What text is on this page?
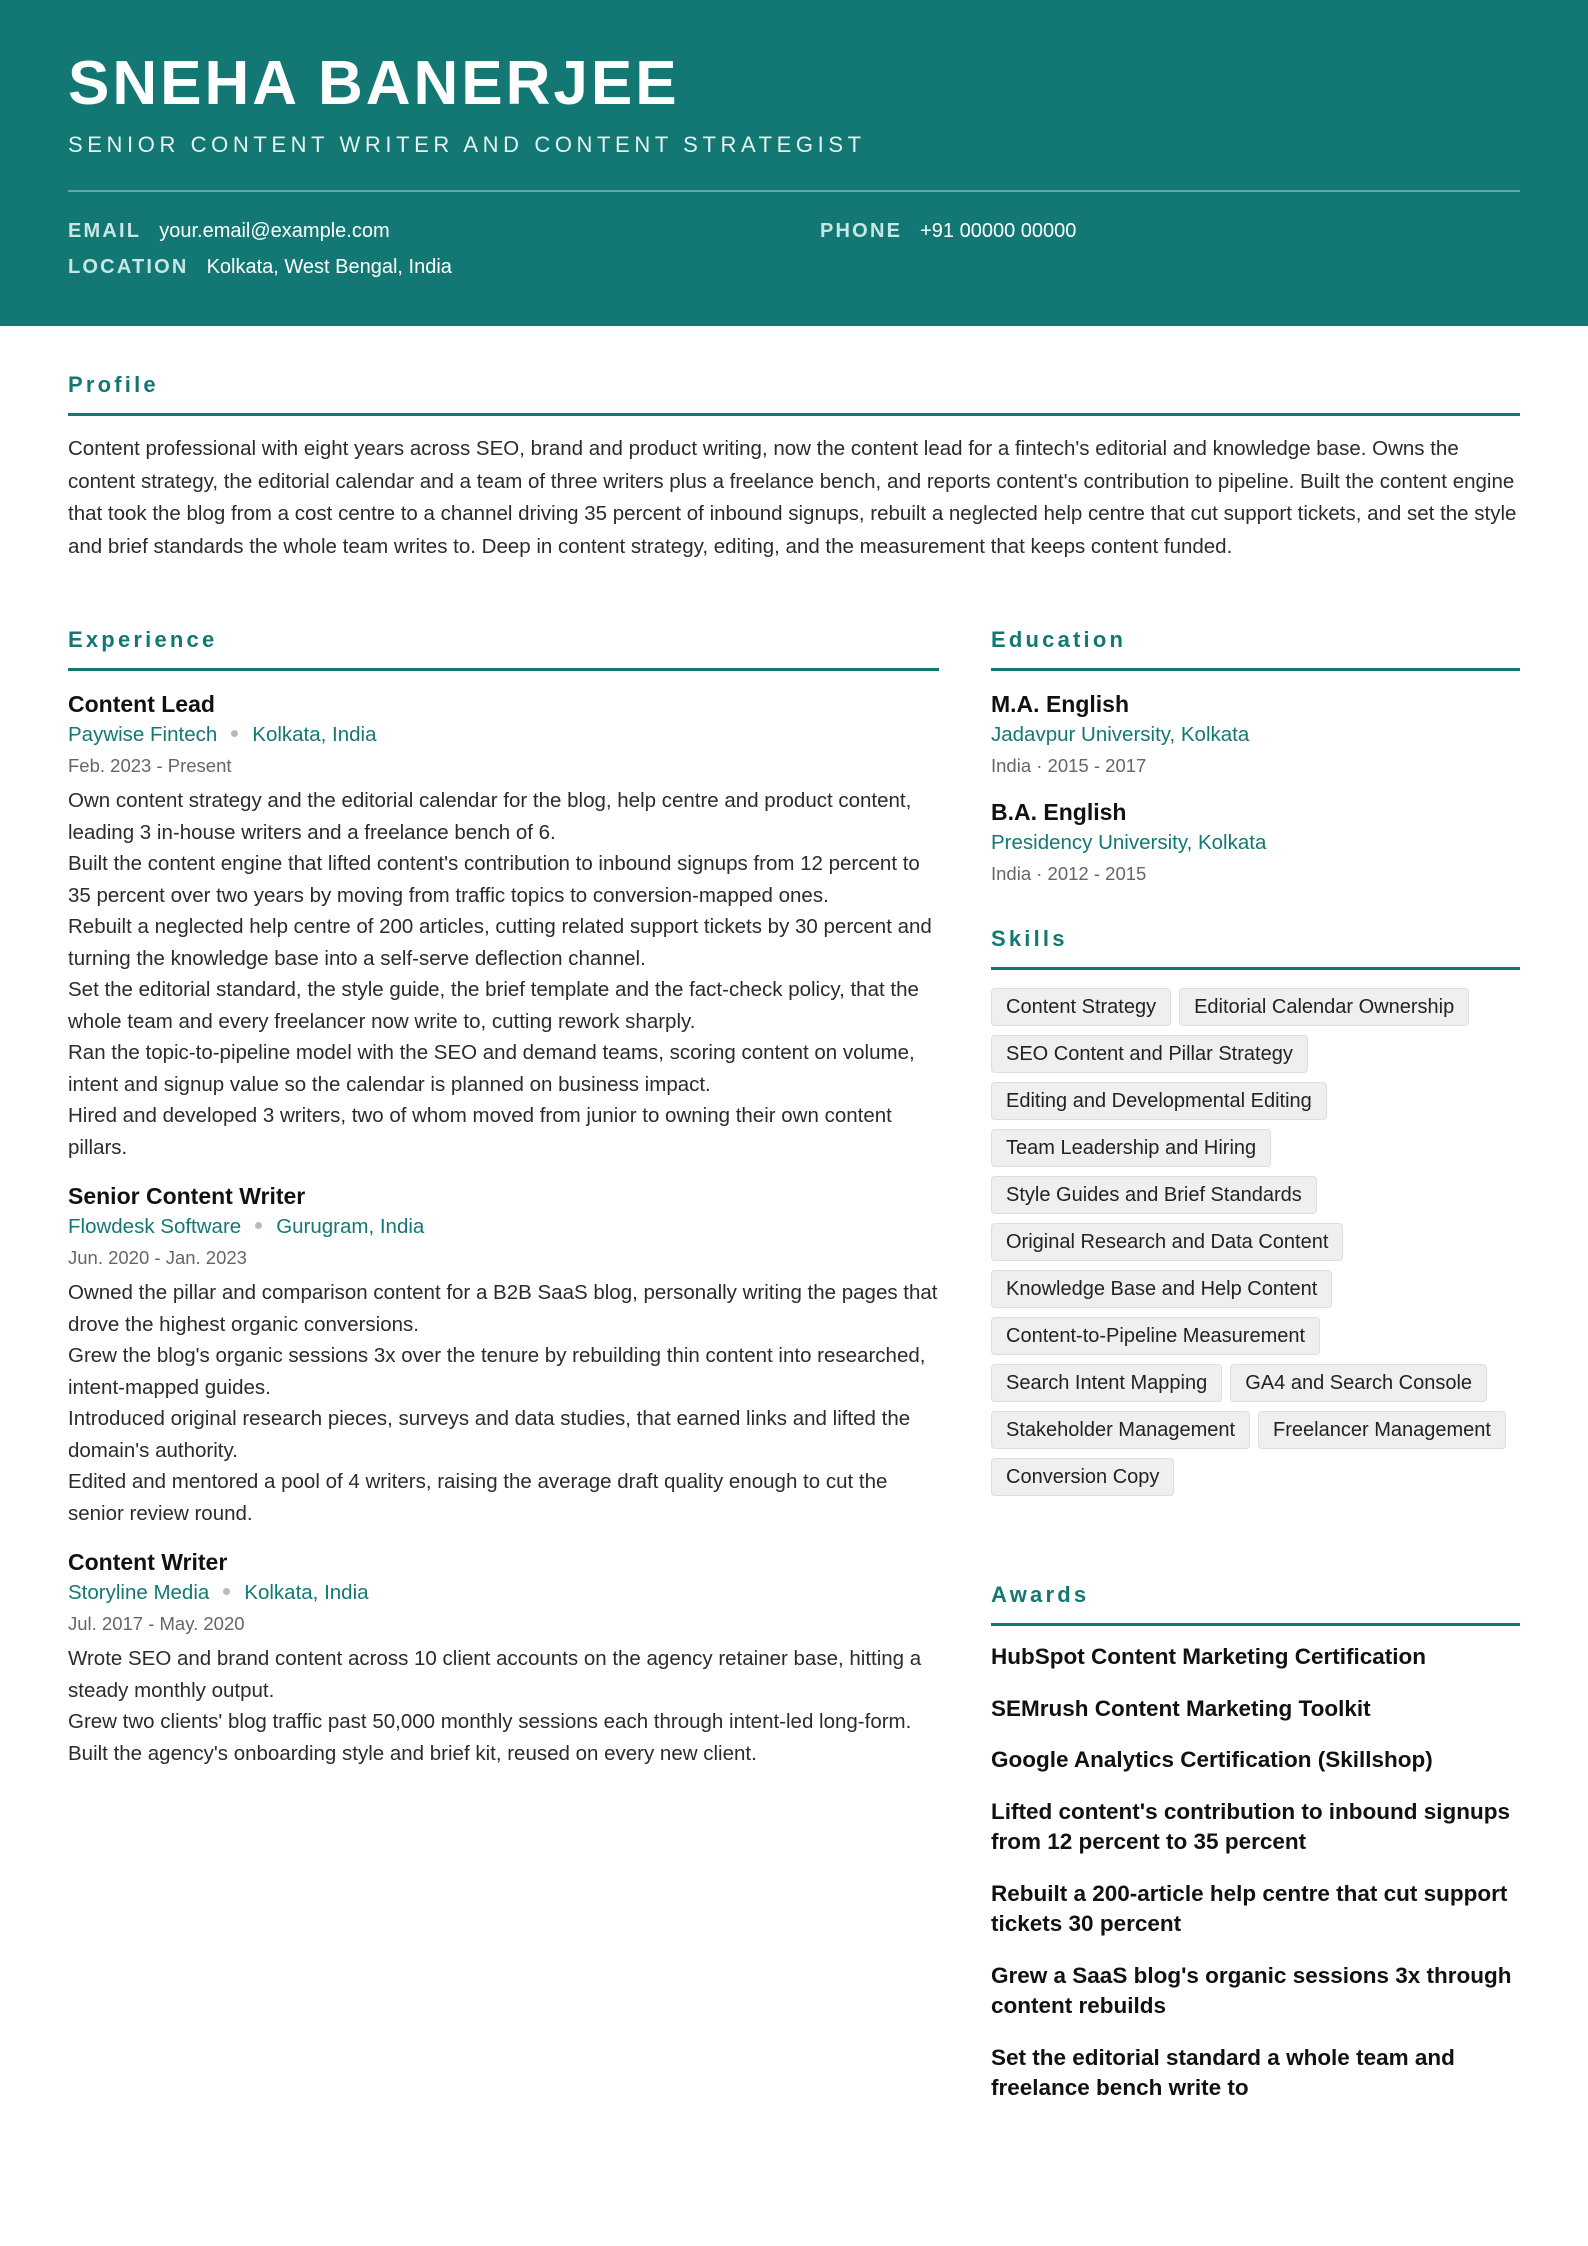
SNEHA BANERJEE
SENIOR CONTENT WRITER AND CONTENT STRATEGIST
EMAIL your.email@example.com	PHONE +91 00000 00000
LOCATION Kolkata, West Bengal, India
Profile

Content professional with eight years across SEO, brand and product writing, now the content lead for a fintech's editorial and knowledge base. Owns the content strategy, the editorial calendar and a team of three writers plus a freelance bench, and reports content's contribution to pipeline. Built the content engine that took the blog from a cost centre to a channel driving 35 percent of inbound signups, rebuilt a neglected help centre that cut support tickets, and set the style and brief standards the whole team writes to. Deep in content strategy, editing, and the measurement that keeps content funded.

Experience
Content Lead
Paywise Fintech Kolkata, India
Feb. 2023 - Present
Own content strategy and the editorial calendar for the blog, help centre and product content, leading 3 in-house writers and a freelance bench of 6.
Built the content engine that lifted content's contribution to inbound signups from 12 percent to 35 percent over two years by moving from traffic topics to conversion-mapped ones.
Rebuilt a neglected help centre of 200 articles, cutting related support tickets by 30 percent and turning the knowledge base into a self-serve deflection channel.
Set the editorial standard, the style guide, the brief template and the fact-check policy, that the whole team and every freelancer now write to, cutting rework sharply.
Ran the topic-to-pipeline model with the SEO and demand teams, scoring content on volume, intent and signup value so the calendar is planned on business impact.
Hired and developed 3 writers, two of whom moved from junior to owning their own content pillars.
Senior Content Writer
Flowdesk Software Gurugram, India
Jun. 2020 - Jan. 2023
Owned the pillar and comparison content for a B2B SaaS blog, personally writing the pages that drove the highest organic conversions.
Grew the blog's organic sessions 3x over the tenure by rebuilding thin content into researched, intent-mapped guides.
Introduced original research pieces, surveys and data studies, that earned links and lifted the domain's authority.
Edited and mentored a pool of 4 writers, raising the average draft quality enough to cut the senior review round.
Content Writer
Storyline Media Kolkata, India
Jul. 2017 - May. 2020
Wrote SEO and brand content across 10 client accounts on the agency retainer base, hitting a steady monthly output.
Grew two clients' blog traffic past 50,000 monthly sessions each through intent-led long-form.
Built the agency's onboarding style and brief kit, reused on every new client.
Education
M.A. English
Jadavpur University, Kolkata
India · 2015 - 2017
B.A. English
Presidency University, Kolkata
India · 2012 - 2015
Skills
Content Strategy	Editorial Calendar Ownership
SEO Content and Pillar Strategy
Editing and Developmental Editing
Team Leadership and Hiring
Style Guides and Brief Standards
Original Research and Data Content
Knowledge Base and Help Content
Content-to-Pipeline Measurement
Search Intent Mapping	GA4 and Search Console
Stakeholder Management	Freelancer Management
Conversion Copy
Awards
HubSpot Content Marketing Certification
SEMrush Content Marketing Toolkit
Google Analytics Certification (Skillshop)
Lifted content's contribution to inbound signups from 12 percent to 35 percent
Rebuilt a 200-article help centre that cut support tickets 30 percent
Grew a SaaS blog's organic sessions 3x through content rebuilds
Set the editorial standard a whole team and freelance bench write to
